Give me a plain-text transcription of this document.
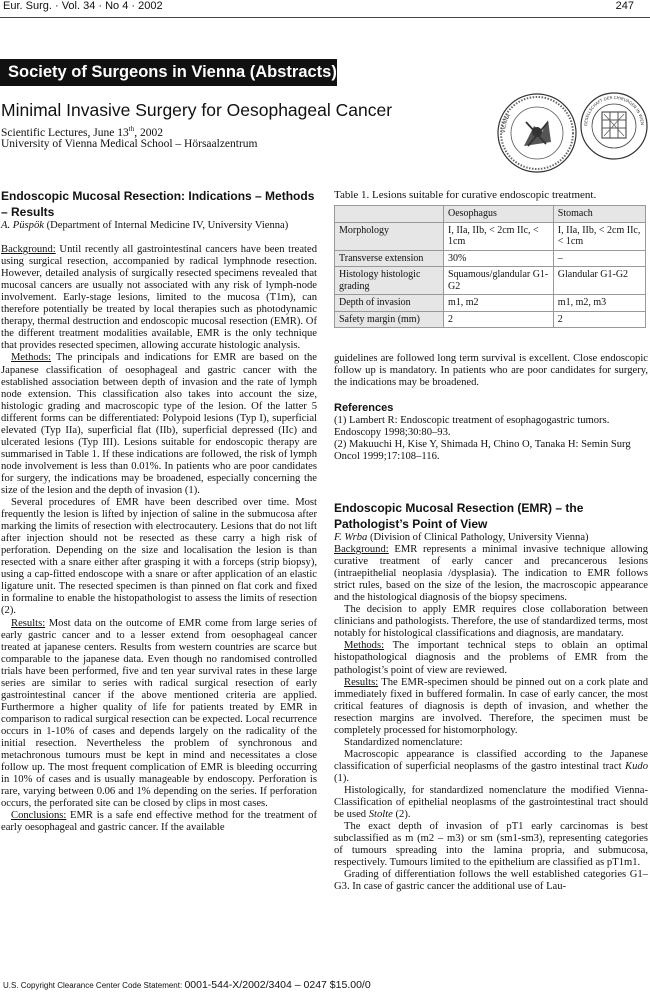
Eur. Surg. · Vol. 34 · No 4 · 2002	247
Society of Surgeons in Vienna (Abstracts)
Minimal Invasive Surgery for Oesophageal Cancer
Scientific Lectures, June 13th, 2002
University of Vienna Medical School – Hörsaalzentrum
VIENNA
GESELLSCHAFT DER CHIRURGEN IN WIEN
Endoscopic Mucosal Resection: Indications – Methods – Results

A. Püspök (Department of Internal Medicine IV, University Vienna)

Background: Until recently all gastrointestinal cancers have been treated using surgical resection, accompanied by radical lymphnode resection. However, detailed analysis of surgically resected specimens revealed that mucosal cancers are usually not associated with any risk of lymph-node involvement. Early-stage lesions, limited to the mucosa (T1m), can therefore potentially be treated by local therapies such as photodynamic therapy, thermal destruction and endoscopic mucosal resection (EMR). Of the different treatment modalities available, EMR is the only technique that provides resected specimen, allowing accurate histologic analysis.

Methods: The principals and indications for EMR are based on the Japanese classification of oesophageal and gastric cancer with the established association between depth of invasion and the rate of lymph node extension. This classification also takes into account the size, histologic grading and macroscopic type of the lesion. Of the latter 5 different forms can be differentiated: Polypoid lesions (Typ I), superficial elevated (Typ IIa), superficial flat (IIb), superficial depressed (IIc) and ulcerated lesions (Typ III). Lesions suitable for endoscopic therapy are summarised in Table 1. If these indications are followed, the risk of lymph node involvement is less than 0.01%. In patients who are poor candidates for surgery, the indications may be broadened, especially concerning the size of the lesion and the depth of invasion (1).

Several procedures of EMR have been described over time. Most frequently the lesion is lifted by injection of saline in the submucosa after marking the limits of resection with electrocautery. Lesions that do not lift after injection should not be resected as these carry a high risk of perforation. Depending on the size and localisation the lesion is than resected with a snare either after grasping it with a forceps (strip biopsy), using a cap-fitted endoscope with a snare or after application of an elastic ligature unit. The resected specimen is than pinned on flat cork and fixed in formaline to enable the histopathologist to assess the limits of resection (2).

Results: Most data on the outcome of EMR come from large series of early gastric cancer and to a lesser extend from oesophageal cancer treated at japanese centers. Results from western countries are scarce but comparable to the japanese data. Even though no randomised controlled trials have been performed, five and ten year survival rates in these large series are similar to series with radical surgical resection of early gastrointestinal cancer if the above mentioned criteria are applied. Furthermore a higher quality of life for patients treated by EMR in comparison to radical surgical resection can be expected. Local recurrence occurs in 1-10% of cases and depends largely on the radicality of the initial resection. Nevertheless the problem of synchronous and metachronous tumours must be kept in mind and necessitates a close follow up. The most frequent complication of EMR is bleeding occurring in 10% of cases and is usually manageable by endoscopy. Perforation is rare, varying between 0.06 and 1% depending on the series. If perforation occurs, the perforated site can be closed by clips in most cases.

Conclusions: EMR is a safe end effective method for the treatment of early oesophageal and gastric cancer. If the available

Table 1. Lesions suitable for curative endoscopic treatment.
	Oesophagus	Stomach
Morphology	I, IIa, IIb, < 2cm IIc, < 1cm	I, IIa, IIb, < 2cm IIc, < 1cm
Transverse extension	30%	–
Histology histologic grading	Squamous/glandular G1-G2	Glandular G1-G2
Depth of invasion	m1, m2	m1, m2, m3
Safety margin (mm)	2	2

guidelines are followed long term survival is excellent. Close endoscopic follow up is mandatory. In patients who are poor candidates for surgery, the indications may be broadened.

References

(1) Lambert R: Endoscopic treatment of esophagogastric tumors. Endoscopy 1998;30:80–93.

(2) Makuuchi H, Kise Y, Shimada H, Chino O, Tanaka H: Semin Surg Oncol 1999;17:108–116.

Endoscopic Mucosal Resection (EMR) – the Pathologist’s Point of View

F. Wrba (Division of Clinical Pathology, University Vienna)

Background: EMR represents a minimal invasive technique allowing curative treatment of early cancer and precancerous lesions (intraepithelial neoplasia /dysplasia). The indication to EMR follows strict rules, based on the size of the lesion, the macroscopic appearance and the histological diagnosis of the biopsy specimens.

The decision to apply EMR requires close collaboration between clinicians and pathologists. Therefore, the use of standardized terms, most notably for histological classifications and diagnosis, are mandatary.

Methods: The important technical steps to oblain an optimal histopathological diagnosis and the problems of EMR from the pathologist’s point of view are reviewed.

Results: The EMR-specimen should be pinned out on a cork plate and immediately fixed in buffered formalin. In case of early cancer, the most critical features of diagnosis is depth of invasion, and whether the resection margins are involved. Therefore, the specimen must be completely processed for histomorphology.

Standardized nomenclature:

Macroscopic appearance is classified according to the Japanese classification of superficial neoplasms of the gastro intestinal tract Kudo (1).

Histologically, for standardized nomenclature the modified Vienna-Classification of epithelial neoplasms of the gastrointestinal tract should be used Stolte (2).

The exact depth of invasion of pT1 early carcinomas is best subclassified as m (m2 – m3) or sm (sm1-sm3), representing categories of tumours spreading into the lamina propria, and submucosa, respectively. Tumours limited to the epithelium are classified as pT1m1.

Grading of differentiation follows the well established categories G1– G3. In case of gastric cancer the additional use of Lau-

U.S. Copyright Clearance Center Code Statement: 0001-544-X/2002/3404 – 0247 $15.00/0
